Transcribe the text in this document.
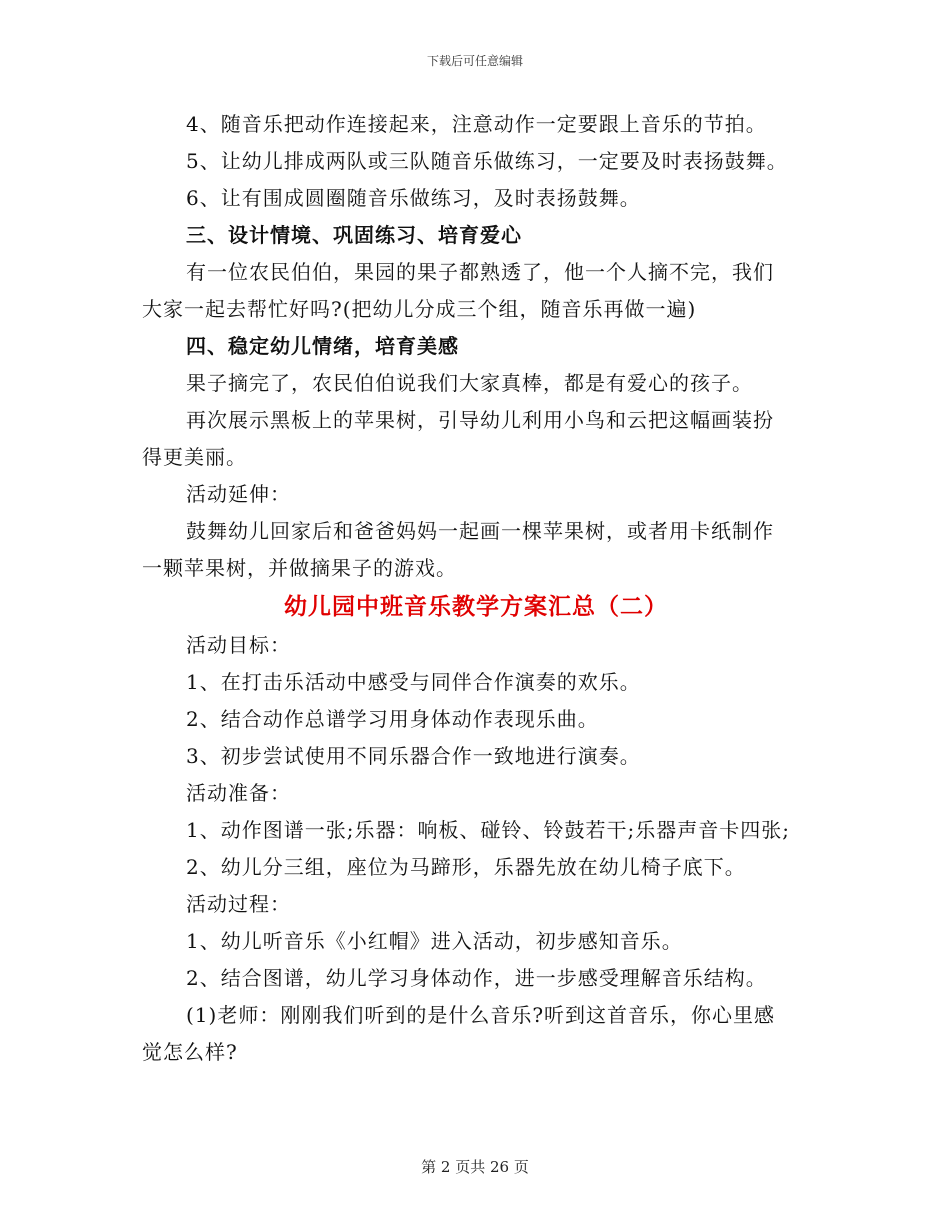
下载后可任意编辑
4、随音乐把动作连接起来，注意动作一定要跟上音乐的节拍。
5、让幼儿排成两队或三队随音乐做练习，一定要及时表扬鼓舞。
6、让有围成圆圈随音乐做练习，及时表扬鼓舞。
三、设计情境、巩固练习、培育爱心
有一位农民伯伯，果园的果子都熟透了，他一个人摘不完，我们
大家一起去帮忙好吗?(把幼儿分成三个组，随音乐再做一遍)
四、稳定幼儿情绪，培育美感
果子摘完了，农民伯伯说我们大家真棒，都是有爱心的孩子。
再次展示黑板上的苹果树，引导幼儿利用小鸟和云把这幅画装扮
得更美丽。
活动延伸：
鼓舞幼儿回家后和爸爸妈妈一起画一棵苹果树，或者用卡纸制作
一颗苹果树，并做摘果子的游戏。
幼儿园中班音乐教学方案汇总（二）
活动目标：
1、在打击乐活动中感受与同伴合作演奏的欢乐。
2、结合动作总谱学习用身体动作表现乐曲。
3、初步尝试使用不同乐器合作一致地进行演奏。
活动准备：
1、动作图谱一张;乐器：响板、碰铃、铃鼓若干;乐器声音卡四张;
2、幼儿分三组，座位为马蹄形，乐器先放在幼儿椅子底下。
活动过程：
1、幼儿听音乐《小红帽》进入活动，初步感知音乐。
2、结合图谱，幼儿学习身体动作，进一步感受理解音乐结构。
(1)老师：刚刚我们听到的是什么音乐?听到这首音乐，你心里感
觉怎么样?
第 2 页共 26 页
